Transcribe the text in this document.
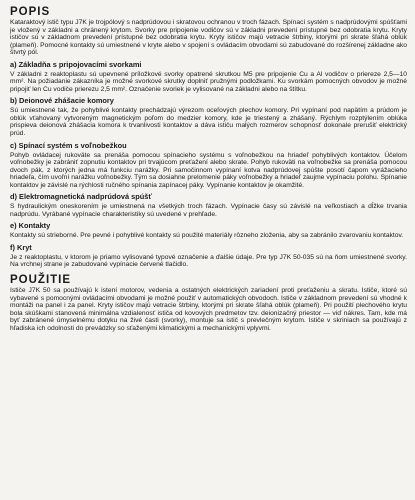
POPIS

Kataraktový istič typu J7K je trojpólový s nadprúdovou i skratovou ochranou v troch fázach. Spínací systém s nadprúdovými spúšťami je vložený v základni a chránený krytom. Svorky pre pripojenie vodičov sú v základni prevedení prístupné bez odobratia krytu. Kryty ističov sú v základnom prevedení prístupné bez odobratia krytu. Kryty ističov majú vetracie štrbiny, ktorými pri skrate šľahá oblúk (plameň). Pomocné kontakty sú umiestnené v kryte alebo v spojení s ovládacím obvodami sú zabudované do rozšírenej základne ako štvrtý pól.

a) Základňa s pripojovacími svorkami

V základni z reaktoplastu sú upevnené príložkové svorky opatrené skrutkou M5 pre pripojenie Cu a Al vodičov o priereze 2,5—10 mm². Na požiadanie zákazníka je možné svorkové skrutky doplniť pružnými podložkami. Ku svorkám pomocných obvodov je možné pripojiť len Cu vodiče prierezu 2,5 mm². Označenie svoriek je vylisované na základni alebo na štítku.

b) Deionové zhášacie komory

Sú umiestnené tak, že pohyblivé kontakty prechádzajú výrezom oceľových plechov komory. Pri vypínaní pod napätím a prúdom je oblúk vťahovaný vytvoreným magnetickým poľom do medzier komory, kde je triestený a zhášaný. Rýchlym rozptýlením oblúka prispieva deionová zhášacia komora k trvanlivosti kontaktov a dáva ističu malých rozmerov schopnosť dokonale prerušiť elektrický prúd.

c) Spínací systém s voľnobežkou

Pohyb ovládacej rukoväte sa prenáša pomocou spínacieho systému s voľnobežkou na hriadeľ pohyblivých kontaktov. Účelom voľnobežky je zabrániť zopnutiu kontaktov pri trvajúcom preťažení alebo skrate. Pohyb rukoväti na voľnobežke sa prenáša pomocou dvoch pák, z ktorých jedna má funkciu narážky. Pri samočinnom vypínaní kotva nadprúdovej spúšte posotí čapom vyrážacieho hriadeľa, čím uvoľní narážku voľnobežky. Tým sa dosiahne prelomenie páky voľnobežky a hriadeľ zaujme vypínaciu polohu. Spínanie kontaktov je závislé na rýchlosti ručného spínania zapínacej páky. Vypínanie kontaktov je okamžité.

d) Elektromagnetická nadprúdová spúšť

S hydraulickým oneskorením je umiestnená na všetkých troch fázach. Vypínacie časy sú závislé na veľkostiach a dĺžke trvania nadprúdu. Vyrábané vypínacie charakteristiky sú uvedené v prehľade.

e) Kontakty

Kontakty sú strieborné. Pre pevné i pohyblivé kontakty sú použité materiály rôzneho zloženia, aby sa zabránilo zvarovaniu kontaktov.

f) Kryt

Je z reaktoplastu, v ktorom je priamo vylisované typové označenie a ďalšie údaje. Pre typ J7K 50-035 sú na ňom umiestnené svorky. Na vrchnej strane je zabudované vypínacie červené tlačidlo.

POUŽITIE

Ističe J7K 50 sa používajú k istení motorov, vedenia a ostatných elektrických zariadení proti preťaženiu a skratu. Ističe, ktoré sú vybavené s pomocnými ovládacími obvodami je možné použiť v automatických obvodoch. Ističe v základnom prevedení sú vhodné k montáži na panel i za panel. Kryty ističov majú vetracie štrbiny, ktorými pri skrate šľahá oblúk (plameň). Pri použití plechového krytu bola skúškami stanovená minimálna vzdialenosť ističa od kovových predmetov tzv. deionizačný priestor — viď nákres. Tam, kde má byť zabránené úmyselnému dotyku na živé časti (svorky), montuje sa istič s prevlečným krytom. Ističe v skriniach sa používajú z hľadiska ich odolnosti do prevádzky so sťaženými klimatickými a mechanickými vplyvmi.
